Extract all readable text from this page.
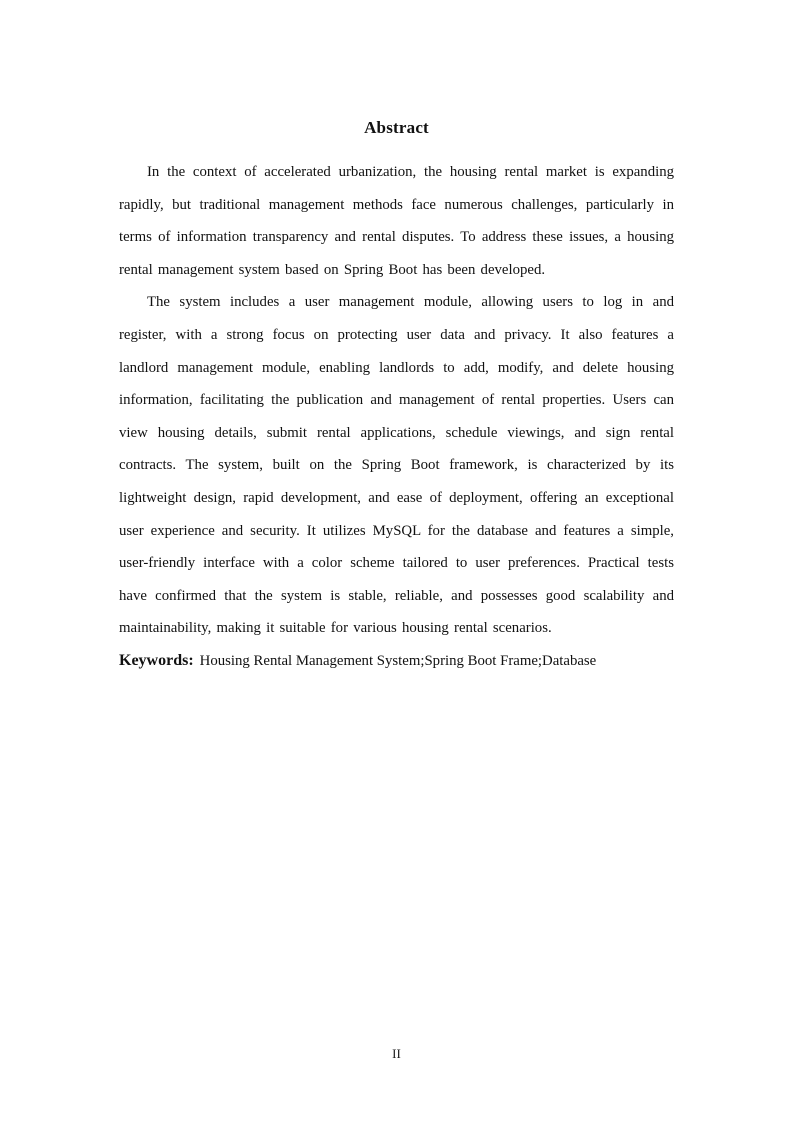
Abstract

In the context of accelerated urbanization, the housing rental market is expanding rapidly, but traditional management methods face numerous challenges, particularly in terms of information transparency and rental disputes. To address these issues, a housing rental management system based on Spring Boot has been developed.

The system includes a user management module, allowing users to log in and register, with a strong focus on protecting user data and privacy. It also features a landlord management module, enabling landlords to add, modify, and delete housing information, facilitating the publication and management of rental properties. Users can view housing details, submit rental applications, schedule viewings, and sign rental contracts. The system, built on the Spring Boot framework, is characterized by its lightweight design, rapid development, and ease of deployment, offering an exceptional user experience and security. It utilizes MySQL for the database and features a simple, user-friendly interface with a color scheme tailored to user preferences. Practical tests have confirmed that the system is stable, reliable, and possesses good scalability and maintainability, making it suitable for various housing rental scenarios.

Keywords: Housing Rental Management System;Spring Boot Frame;Database

II
